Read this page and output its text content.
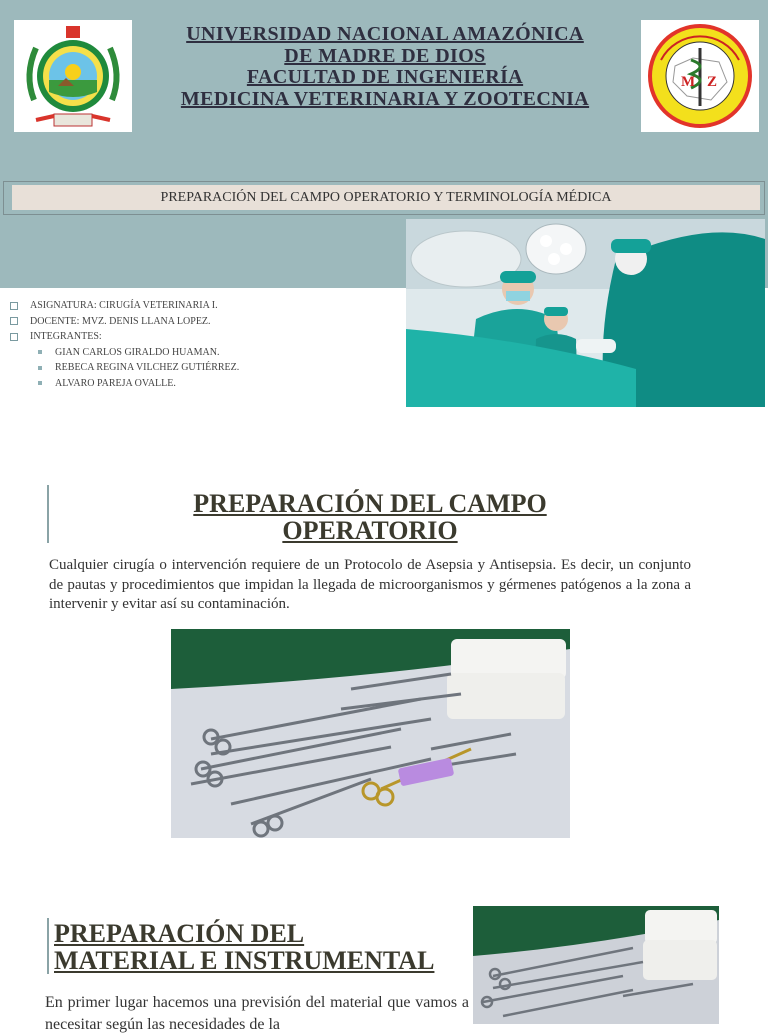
UNIVERSIDAD NACIONAL AMAZÓNICA
DE MADRE DE DIOS
FACULTAD DE INGENIERÍA
MEDICINA VETERINARIA Y ZOOTECNIA
M Z
PREPARACIÓN DEL CAMPO OPERATORIO Y TERMINOLOGÍA MÉDICA
ASIGNATURA: CIRUGÍA VETERINARIA I.
DOCENTE: MVZ. DENIS LLANA LOPEZ.
INTEGRANTES:
GIAN CARLOS GIRALDO HUAMAN.
REBECA REGINA VILCHEZ GUTIÉRREZ.
ALVARO PAREJA OVALLE.
PREPARACIÓN DEL CAMPO
OPERATORIO
Cualquier cirugía o intervención requiere de un Protocolo de Asepsia y Antisepsia. Es decir, un conjunto de pautas y procedimientos que impidan la llegada de microorganismos y gérmenes patógenos a la zona a intervenir y evitar así su contaminación.
PREPARACIÓN DEL
MATERIAL E INSTRUMENTAL
En primer lugar hacemos una previsión del material que vamos a necesitar según las necesidades de la
